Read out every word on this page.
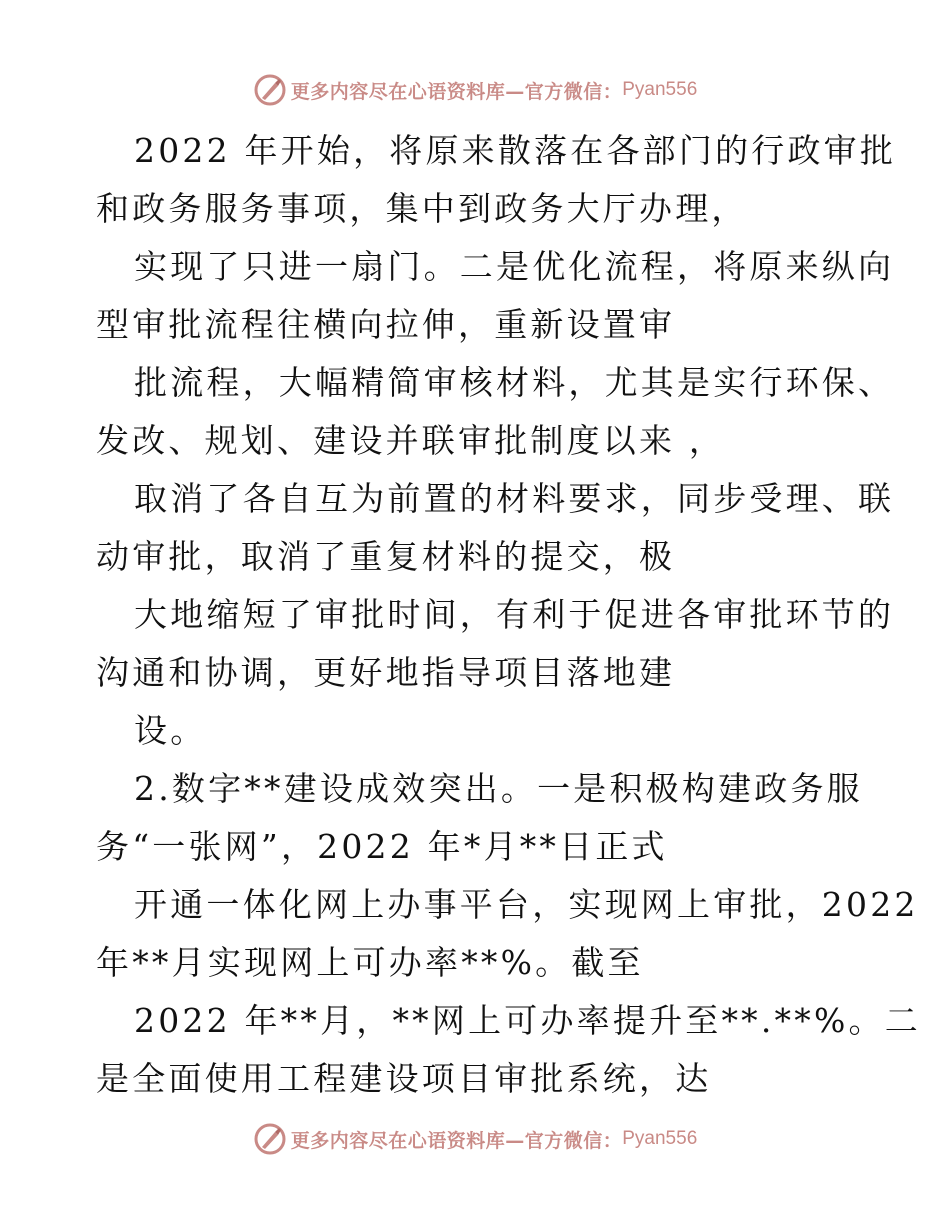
更多内容尽在心语资料库—官方微信： Pyan556
2022 年开始，将原来散落在各部门的行政审批
和政务服务事项，集中到政务大厅办理，
实现了只进一扇门。二是优化流程，将原来纵向
型审批流程往横向拉伸，重新设置审
批流程，大幅精简审核材料，尤其是实行环保、
发改、规划、建设并联审批制度以来 ，
取消了各自互为前置的材料要求，同步受理、联
动审批，取消了重复材料的提交，极
大地缩短了审批时间，有利于促进各审批环节的
沟通和协调，更好地指导项目落地建
设。
2.数字**建设成效突出。一是积极构建政务服
务“一张网”，2022 年*月**日正式
开通一体化网上办事平台，实现网上审批，2022
年**月实现网上可办率**%。截至
2022 年**月，**网上可办率提升至**.**%。二
是全面使用工程建设项目审批系统，达
更多内容尽在心语资料库—官方微信： Pyan556
